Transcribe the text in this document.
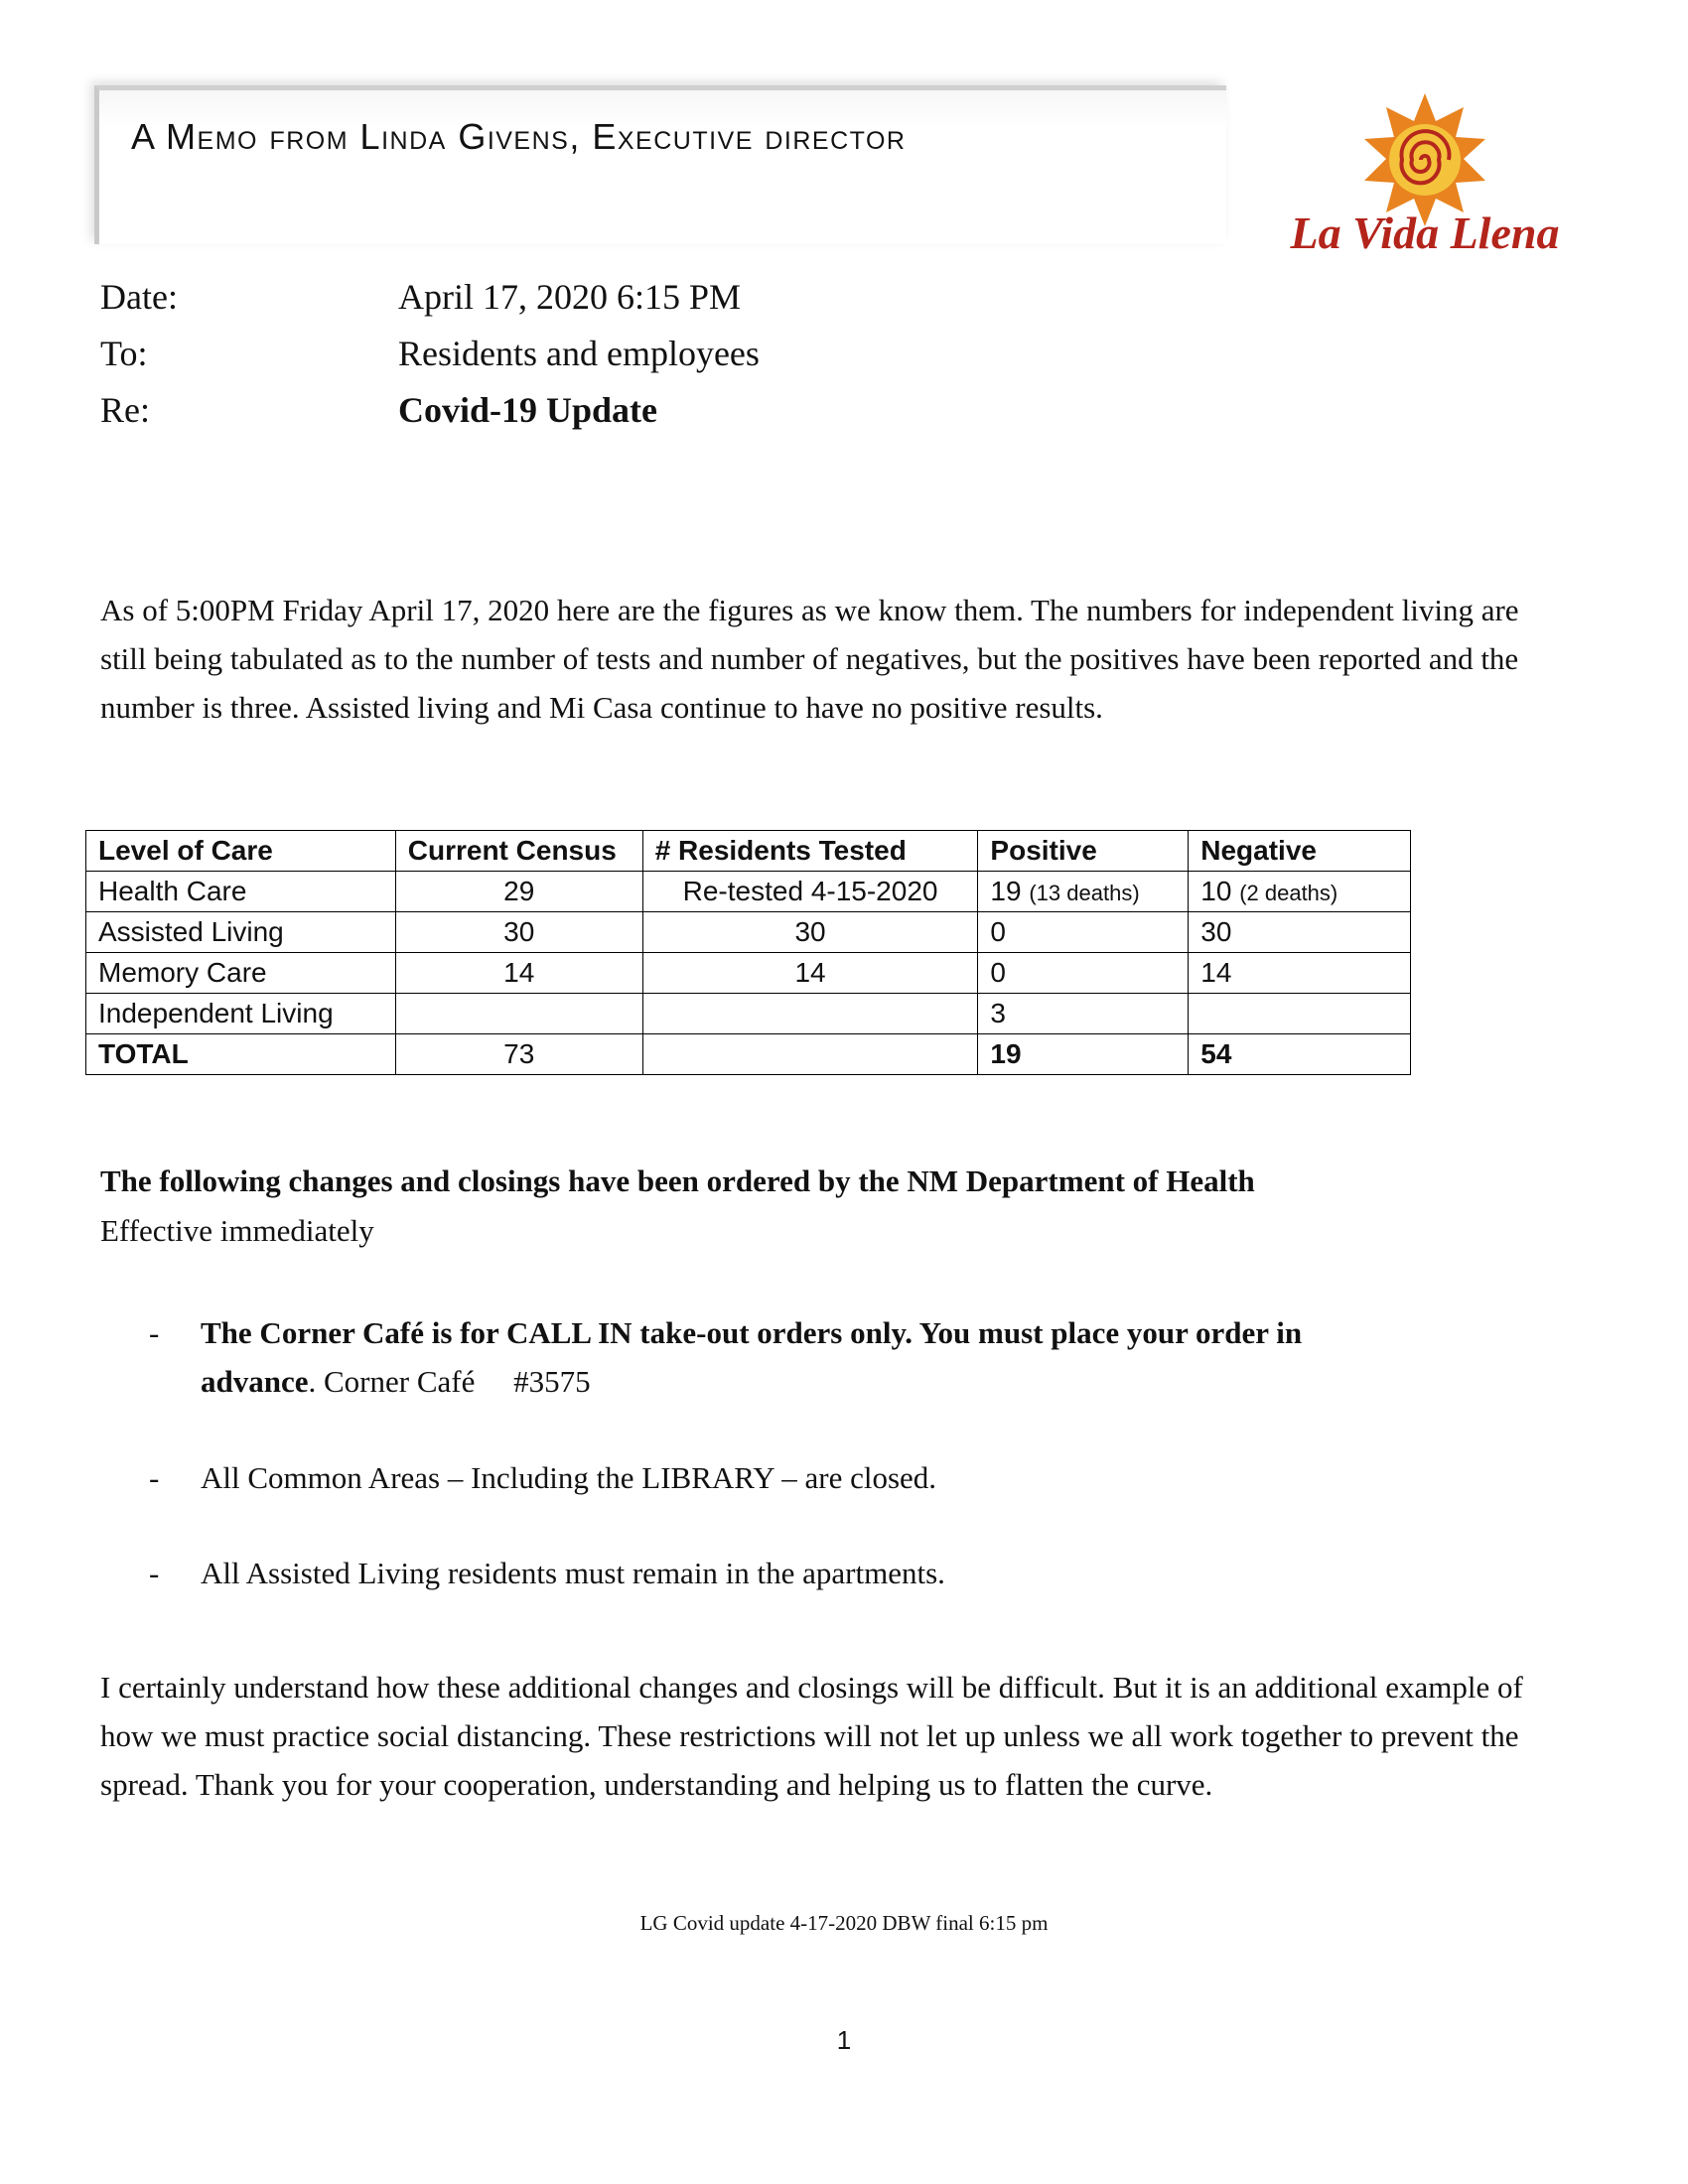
A Memo from Linda Givens, Executive director
La Vida Llena
Date:	April 17, 2020 6:15 PM
To:	Residents and employees
Re:	Covid-19 Update

As of 5:00PM Friday April 17, 2020 here are the figures as we know them. The numbers for independent living are still being tabulated as to the number of tests and number of negatives, but the positives have been reported and the number is three. Assisted living and Mi Casa continue to have no positive results.

Level of Care	Current Census	# Residents Tested	Positive	Negative
Health Care	29	Re-tested 4-15-2020	19 (13 deaths)	10 (2 deaths)
Assisted Living	30	30	0	30
Memory Care	14	14	0	14
Independent Living			3	
TOTAL	73		19	54
The following changes and closings have been ordered by the NM Department of Health
Effective immediately
- The Corner Café is for CALL IN take-out orders only. You must place your order in advance. Corner Café     #3575
- All Common Areas – Including the LIBRARY – are closed.
- All Assisted Living residents must remain in the apartments.

I certainly understand how these additional changes and closings will be difficult. But it is an additional example of how we must practice social distancing. These restrictions will not let up unless we all work together to prevent the spread. Thank you for your cooperation, understanding and helping us to flatten the curve.

LG Covid update 4-17-2020 DBW final 6:15 pm
1
